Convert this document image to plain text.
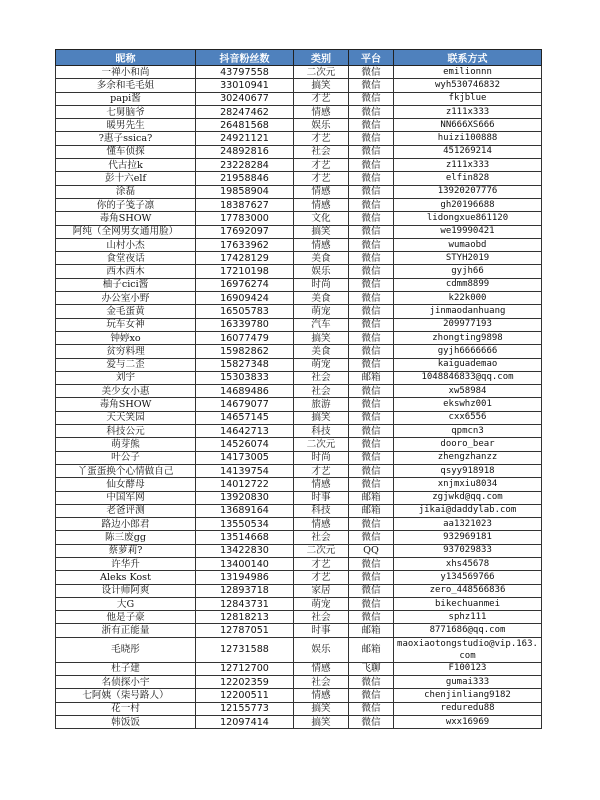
昵称	抖音粉丝数	类别	平台	联系方式
一禅小和尚	43797558	二次元	微信	emilionnn
多余和毛毛姐	33010941	搞笑	微信	wyh530746832
papi酱	30240677	才艺	微信	fkjblue
七舅脑爷	28247462	情感	微信	z111x333
暖男先生	26481568	娱乐	微信	NN666XS666
?惠子ssica?	24921121	才艺	微信	huizi100888
懂车侦探	24892816	社会	微信	451269214
代古拉k	23228284	才艺	微信	z111x333
彭十六elf	21958846	才艺	微信	elfin828
涂磊	19858904	情感	微信	13920207776
你的子笺子凛	18387627	情感	微信	gh20196688
毒角SHOW	17783000	文化	微信	lidongxue861120
阿纯（全网男女通用脸）	17692097	搞笑	微信	we19990421
山村小杰	17633962	情感	微信	wumaobd
食堂夜话	17428129	美食	微信	STYH2019
西木西木	17210198	娱乐	微信	gyjh66
柚子cici酱	16976274	时尚	微信	cdmm8899
办公室小野	16909424	美食	微信	k22k000
金毛蛋黄	16505783	萌宠	微信	jinmaodanhuang
玩车女神	16339780	汽车	微信	209977193
钟婷xo	16077479	搞笑	微信	zhongting9898
贫穷料理	15982862	美食	微信	gyjh6666666
爱与二歪	15827348	萌宠	微信	kaiguademao
刘宇	15303833	社会	邮箱	1048846833@qq.com
美少女小惠	14689486	社会	微信	xw58984
毒角SHOW	14679077	旅游	微信	ekswhz001
天天笑园	14657145	搞笑	微信	cxx6556
科技公元	14642713	科技	微信	qpmcn3
萌芽熊	14526074	二次元	微信	dooro_bear
叶公子	14173005	时尚	微信	zhengzhanzz
丫蛋蛋换个心情做自己	14139754	才艺	微信	qsyy918918
仙女酵母	14012722	情感	微信	xnjmxiu8034
中国军网	13920830	时事	邮箱	zgjwkd@qq.com
老爸评测	13689164	科技	邮箱	jikai@daddylab.com
路边小郎君	13550534	情感	微信	aa1321023
陈三废gg	13514668	社会	微信	932969181
蔡萝莉?	13422830	二次元	QQ	937029833
许华升	13400140	才艺	微信	xhs45678
Aleks Kost	13194986	才艺	微信	y134569766
设计师阿爽	12893718	家居	微信	zero_448566836
大G	12843731	萌宠	微信	bikechuanmei
他是子豪	12818213	社会	微信	sphz111
浙有正能量	12787051	时事	邮箱	8771686@qq.com
毛晓彤	12731588	娱乐	邮箱	maoxiaotongstudio@vip.163.com
杜子建	12712700	情感	飞聊	F100123
名侦探小宇	12202359	社会	微信	gumai333
七阿姨（柒号路人）	12200511	情感	微信	chenjinliang9182
花一村	12155773	搞笑	微信	reduredu88
韩饭饭	12097414	搞笑	微信	wxx16969
